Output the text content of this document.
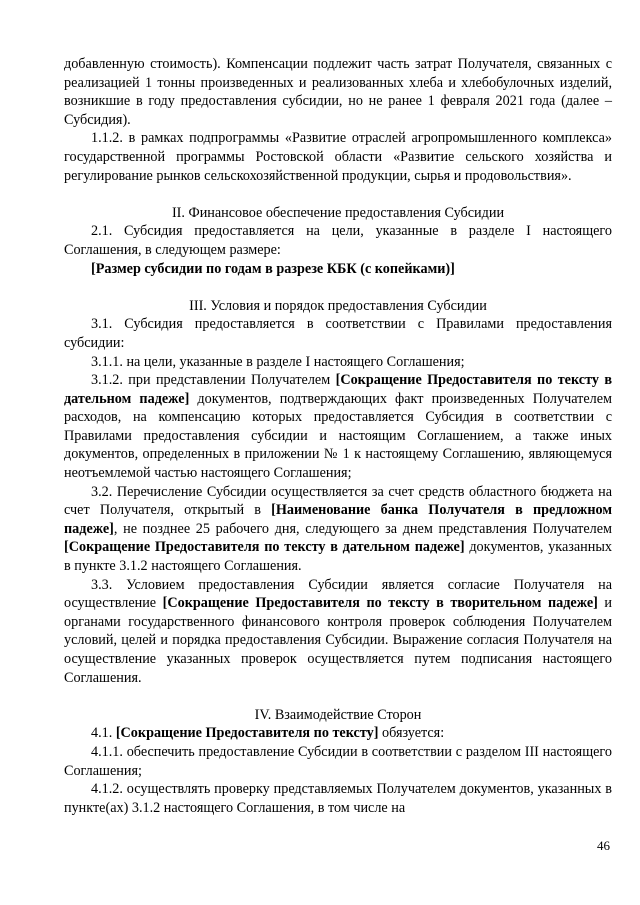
добавленную стоимость). Компенсации подлежит часть затрат Получателя, связанных с реализацией 1 тонны произведенных и реализованных хлеба и хлебобулочных изделий, возникшие в году предоставления субсидии, но не ранее 1 февраля 2021 года (далее – Субсидия).

1.1.2. в рамках подпрограммы «Развитие отраслей агропромышленного комплекса» государственной программы Ростовской области «Развитие сельского хозяйства и регулирование рынков сельскохозяйственной продукции, сырья и продовольствия».

II. Финансовое обеспечение предоставления Субсидии

2.1. Субсидия предоставляется на цели, указанные в разделе I настоящего Соглашения, в следующем размере:

[Размер субсидии по годам в разрезе КБК (с копейками)]

III. Условия и порядок предоставления Субсидии

3.1. Субсидия предоставляется в соответствии с Правилами предоставления субсидии:

3.1.1. на цели, указанные в разделе I настоящего Соглашения;

3.1.2. при представлении Получателем [Сокращение Предоставителя по тексту в дательном падеже] документов, подтверждающих факт произведенных Получателем расходов, на компенсацию которых предоставляется Субсидия в соответствии с Правилами предоставления субсидии и настоящим Соглашением, а также иных документов, определенных в приложении № 1 к настоящему Соглашению, являющемуся неотъемлемой частью настоящего Соглашения;

3.2. Перечисление Субсидии осуществляется за счет средств областного бюджета на счет Получателя, открытый в [Наименование банка Получателя в предложном падеже], не позднее 25 рабочего дня, следующего за днем представления Получателем [Сокращение Предоставителя по тексту в дательном падеже] документов, указанных в пункте 3.1.2 настоящего Соглашения.

3.3. Условием предоставления Субсидии является согласие Получателя на осуществление [Сокращение Предоставителя по тексту в творительном падеже] и органами государственного финансового контроля проверок соблюдения Получателем условий, целей и порядка предоставления Субсидии. Выражение согласия Получателя на осуществление указанных проверок осуществляется путем подписания настоящего Соглашения.

IV. Взаимодействие Сторон

4.1. [Сокращение Предоставителя по тексту] обязуется:

4.1.1. обеспечить предоставление Субсидии в соответствии с разделом III настоящего Соглашения;

4.1.2. осуществлять проверку представляемых Получателем документов, указанных в пункте(ах) 3.1.2 настоящего Соглашения, в том числе на

46
